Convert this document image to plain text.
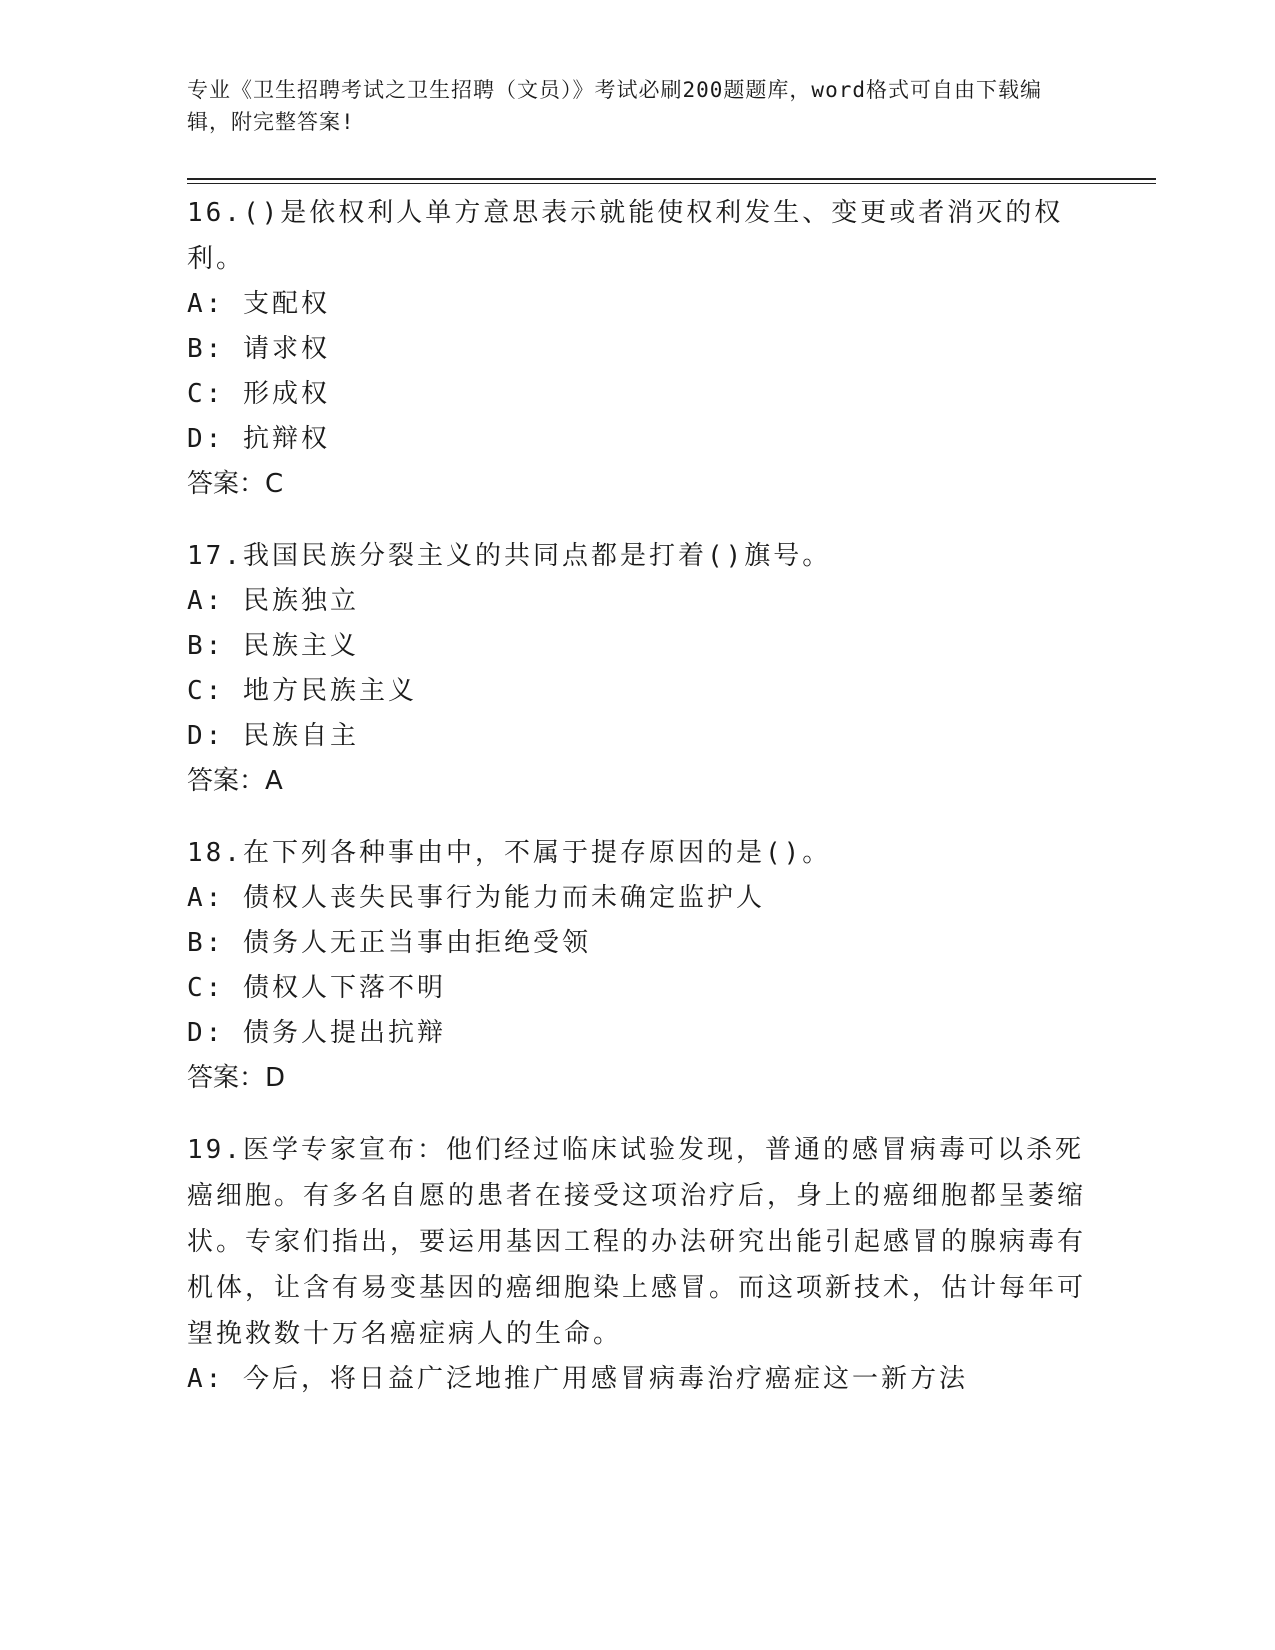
专业《卫生招聘考试之卫生招聘（文员）》考试必刷200题题库，word格式可自由下载编辑，附完整答案!

16.()是依权利人单方意思表示就能使权利发生、变更或者消灭的权利。

A: 支配权

B: 请求权

C: 形成权

D: 抗辩权

答案：C

17.我国民族分裂主义的共同点都是打着()旗号。

A: 民族独立

B: 民族主义

C: 地方民族主义

D: 民族自主

答案：A

18.在下列各种事由中，不属于提存原因的是()。

A: 债权人丧失民事行为能力而未确定监护人

B: 债务人无正当事由拒绝受领

C: 债权人下落不明

D: 债务人提出抗辩

答案：D

19.医学专家宣布：他们经过临床试验发现，普通的感冒病毒可以杀死癌细胞。有多名自愿的患者在接受这项治疗后，身上的癌细胞都呈萎缩状。专家们指出，要运用基因工程的办法研究出能引起感冒的腺病毒有机体，让含有易变基因的癌细胞染上感冒。而这项新技术，估计每年可望挽救数十万名癌症病人的生命。

A: 今后，将日益广泛地推广用感冒病毒治疗癌症这一新方法
